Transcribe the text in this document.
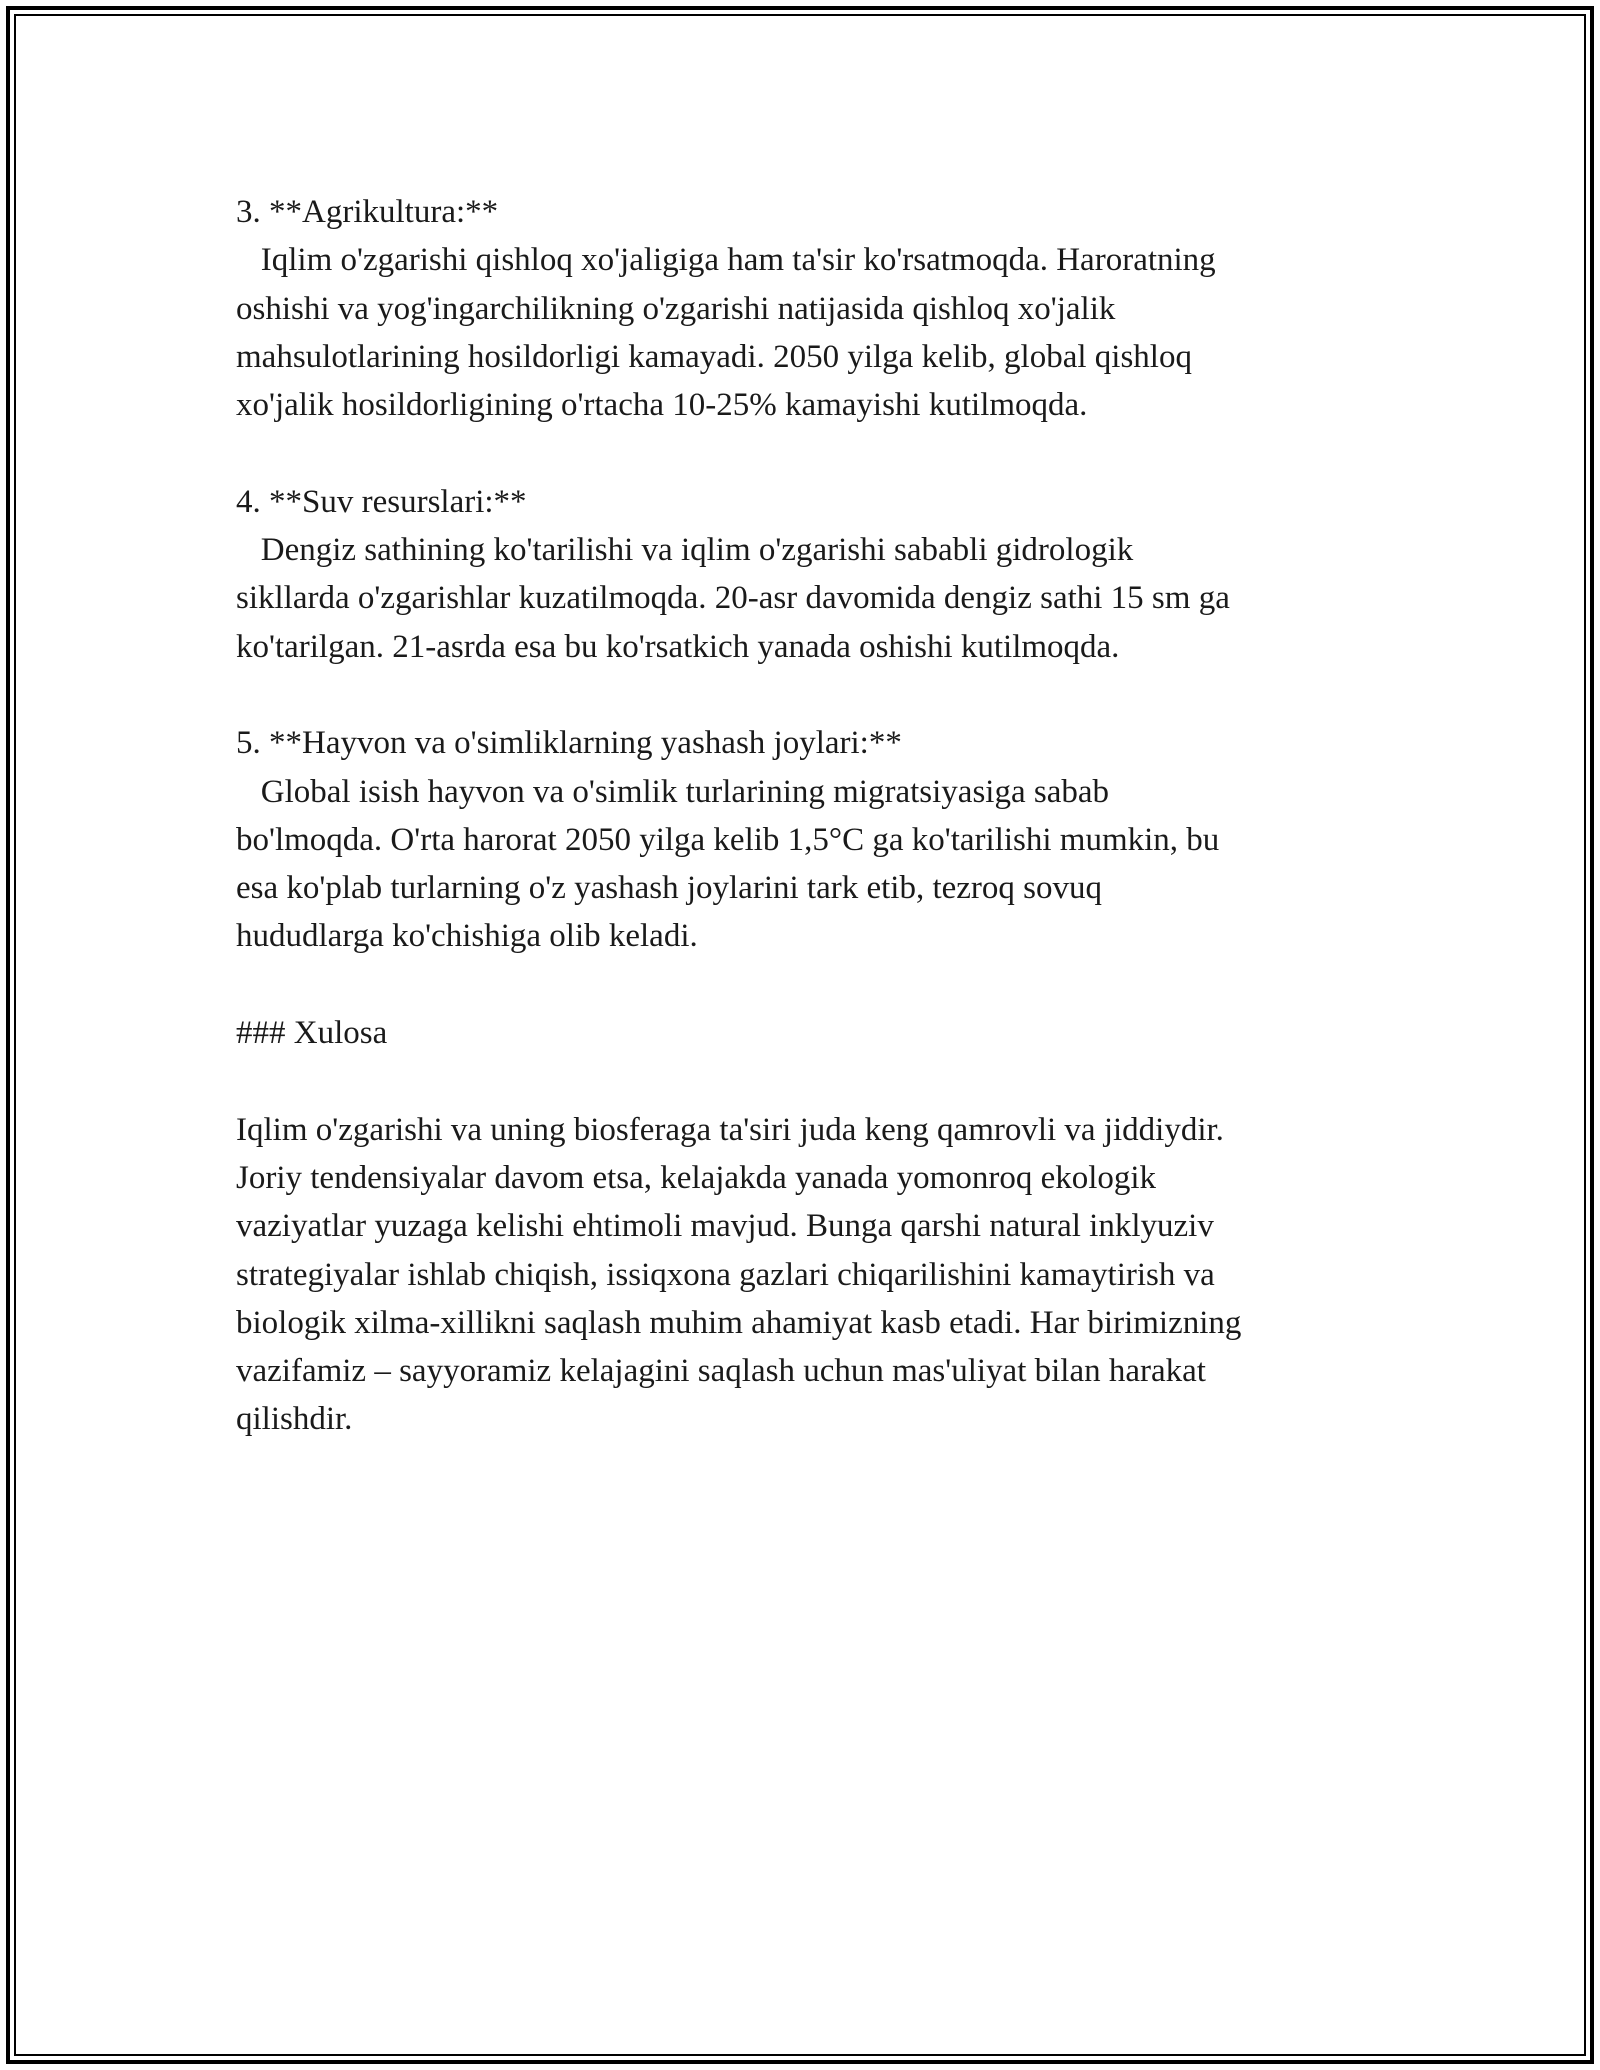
3. **Agrikultura:**

Iqlim o'zgarishi qishloq xo'jaligiga ham ta'sir ko'rsatmoqda. Haroratning

oshishi va yog'ingarchilikning o'zgarishi natijasida qishloq xo'jalik

mahsulotlarining hosildorligi kamayadi. 2050 yilga kelib, global qishloq

xo'jalik hosildorligining o'rtacha 10-25% kamayishi kutilmoqda.

4. **Suv resurslari:**

Dengiz sathining ko'tarilishi va iqlim o'zgarishi sababli gidrologik

sikllarda o'zgarishlar kuzatilmoqda. 20-asr davomida dengiz sathi 15 sm ga

ko'tarilgan. 21-asrda esa bu ko'rsatkich yanada oshishi kutilmoqda.

5. **Hayvon va o'simliklarning yashash joylari:**

Global isish hayvon va o'simlik turlarining migratsiyasiga sabab

bo'lmoqda. O'rta harorat 2050 yilga kelib 1,5°C ga ko'tarilishi mumkin, bu

esa ko'plab turlarning o'z yashash joylarini tark etib, tezroq sovuq

hududlarga ko'chishiga olib keladi.

### Xulosa

Iqlim o'zgarishi va uning biosferaga ta'siri juda keng qamrovli va jiddiydir.

Joriy tendensiyalar davom etsa, kelajakda yanada yomonroq ekologik

vaziyatlar yuzaga kelishi ehtimoli mavjud. Bunga qarshi natural inklyuziv

strategiyalar ishlab chiqish, issiqxona gazlari chiqarilishini kamaytirish va

biologik xilma-xillikni saqlash muhim ahamiyat kasb etadi. Har birimizning

vazifamiz – sayyoramiz kelajagini saqlash uchun mas'uliyat bilan harakat

qilishdir.
